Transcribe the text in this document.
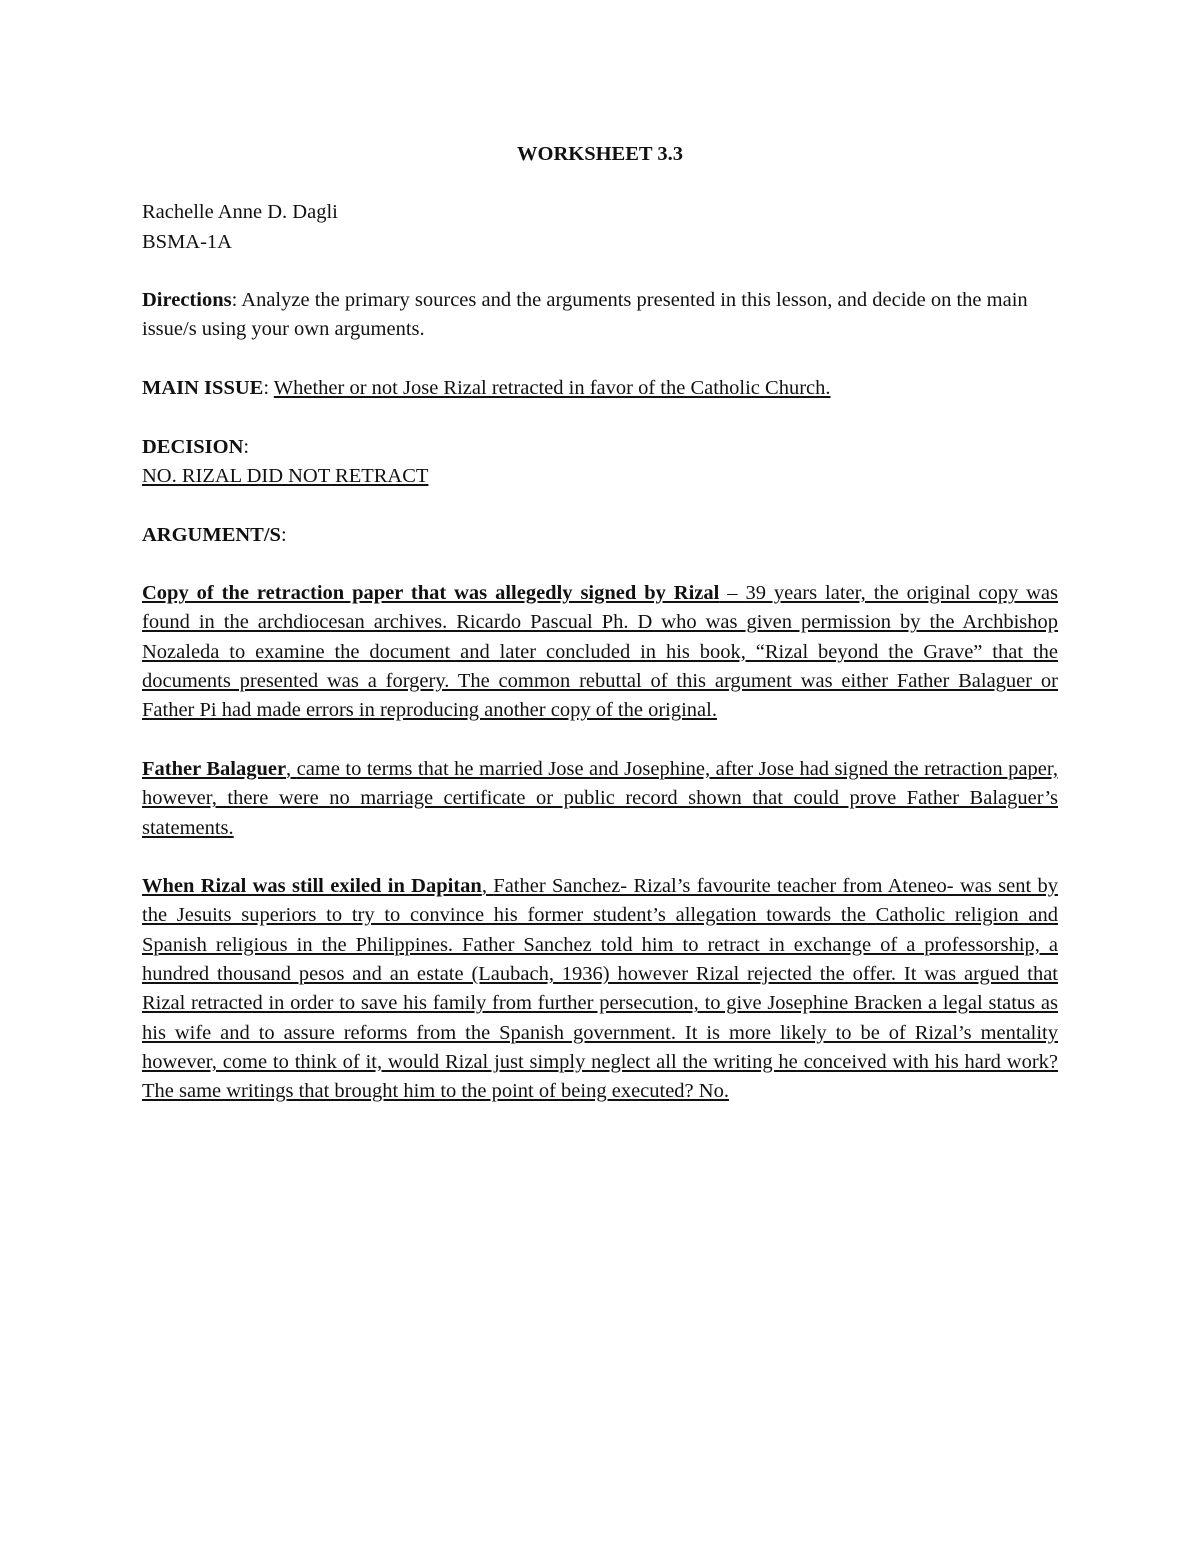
WORKSHEET 3.3

Rachelle Anne D. Dagli

BSMA-1A

Directions: Analyze the primary sources and the arguments presented in this lesson, and decide on the main issue/s using your own arguments.

MAIN ISSUE: Whether or not Jose Rizal retracted in favor of the Catholic Church.

DECISION:

NO. RIZAL DID NOT RETRACT

ARGUMENT/S:

Copy of the retraction paper that was allegedly signed by Rizal – 39 years later, the original copy was found in the archdiocesan archives. Ricardo Pascual Ph. D who was given permission by the Archbishop Nozaleda to examine the document and later concluded in his book, “Rizal beyond the Grave” that the documents presented was a forgery. The common rebuttal of this argument was either Father Balaguer or Father Pi had made errors in reproducing another copy of the original.

Father Balaguer, came to terms that he married Jose and Josephine, after Jose had signed the retraction paper, however, there were no marriage certificate or public record shown that could prove Father Balaguer’s statements.

When Rizal was still exiled in Dapitan, Father Sanchez- Rizal’s favourite teacher from Ateneo- was sent by the Jesuits superiors to try to convince his former student’s allegation towards the Catholic religion and Spanish religious in the Philippines. Father Sanchez told him to retract in exchange of a professorship, a hundred thousand pesos and an estate (Laubach, 1936) however Rizal rejected the offer. It was argued that Rizal retracted in order to save his family from further persecution, to give Josephine Bracken a legal status as his wife and to assure reforms from the Spanish government. It is more likely to be of Rizal’s mentality however, come to think of it, would Rizal just simply neglect all the writing he conceived with his hard work? The same writings that brought him to the point of being executed? No.
